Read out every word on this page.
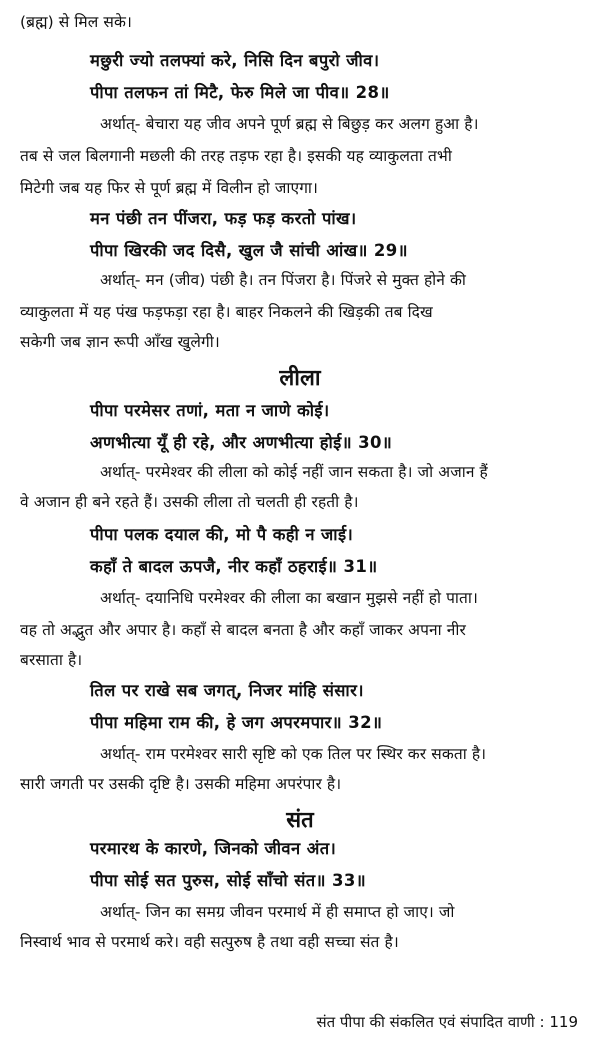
(ब्रह्म) से मिल सके।
मछुरी ज्यो तलफ्यां करे, निसि दिन बपुरो जीव।
पीपा तलफन तां मिटै, फेरु मिले जा पीव॥ 28॥
अर्थात्- बेचारा यह जीव अपने पूर्ण ब्रह्म से बिछुड़ कर अलग हुआ है।
तब से जल बिलगानी मछली की तरह तड़फ रहा है। इसकी यह व्याकुलता तभी
मिटेगी जब यह फिर से पूर्ण ब्रह्म में विलीन हो जाएगा।
मन पंछी तन पींजरा, फड़ फड़ करतो पांख।
पीपा खिरकी जद दिसै, खुल जै सांची आंख॥ 29॥
अर्थात्- मन (जीव) पंछी है। तन पिंजरा है। पिंजरे से मुक्त होने की
व्याकुलता में यह पंख फड़फड़ा रहा है। बाहर निकलने की खिड़की तब दिख
सकेगी जब ज्ञान रूपी आँख खुलेगी।
लीला
पीपा परमेसर तणां, मता न जाणे कोई।
अणभीत्या यूँ ही रहे, और अणभीत्या होई॥ 30॥
अर्थात्- परमेश्वर की लीला को कोई नहीं जान सकता है। जो अजान हैं
वे अजान ही बने रहते हैं। उसकी लीला तो चलती ही रहती है।
पीपा पलक दयाल की, मो पै कही न जाई।
कहाँ ते बादल ऊपजै, नीर कहाँ ठहराई॥ 31॥
अर्थात्- दयानिधि परमेश्वर की लीला का बखान मुझसे नहीं हो पाता।
वह तो अद्भुत और अपार है। कहाँ से बादल बनता है और कहाँ जाकर अपना नीर
बरसाता है।
तिल पर राखे सब जगत्, निजर मांहि संसार।
पीपा महिमा राम की, हे जग अपरमपार॥ 32॥
अर्थात्- राम परमेश्वर सारी सृष्टि को एक तिल पर स्थिर कर सकता है।
सारी जगती पर उसकी दृष्टि है। उसकी महिमा अपरंपार है।
संत
परमारथ के कारणे, जिनको जीवन अंत।
पीपा सोई सत पुरुस, सोई साँचो संत॥ 33॥
अर्थात्- जिन का समग्र जीवन परमार्थ में ही समाप्त हो जाए। जो
निस्वार्थ भाव से परमार्थ करे। वही सत्पुरुष है तथा वही सच्चा संत है।
संत पीपा की संकलित एवं संपादित वाणी : 119
